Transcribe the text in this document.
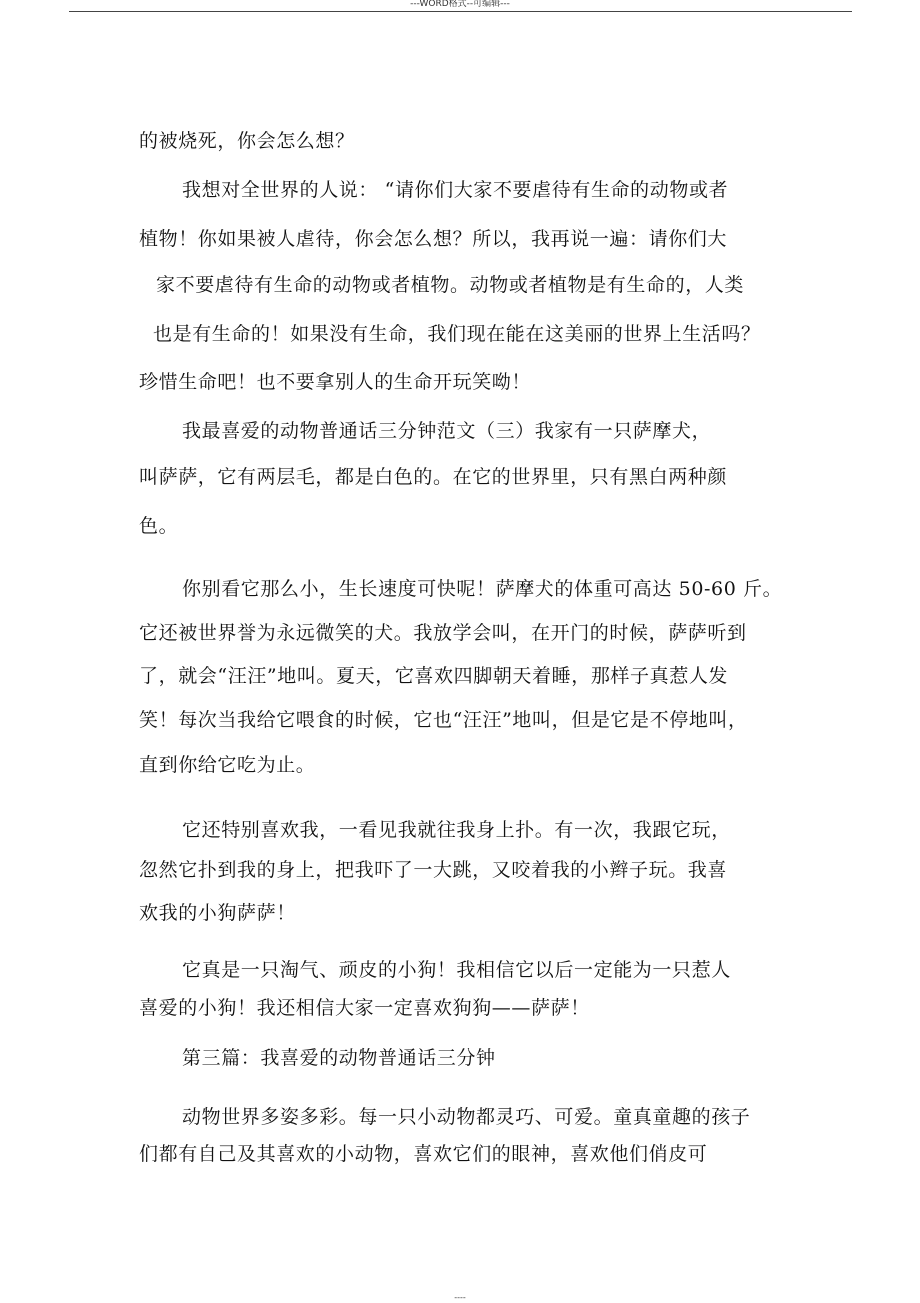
---WORD格式--可编辑---
的被烧死，你会怎么想？
我想对全世界的人说： “请你们大家不要虐待有生命的动物或者
植物！你如果被人虐待，你会怎么想？所以，我再说一遍：请你们大
家不要虐待有生命的动物或者植物。动物或者植物是有生命的，人类
也是有生命的！如果没有生命，我们现在能在这美丽的世界上生活吗？
珍惜生命吧！也不要拿别人的生命开玩笑呦！
我最喜爱的动物普通话三分钟范文（三）我家有一只萨摩犬，
叫萨萨，它有两层毛，都是白色的。在它的世界里，只有黑白两种颜
色。
你别看它那么小，生长速度可快呢！萨摩犬的体重可高达 50-60 斤。
它还被世界誉为永远微笑的犬。我放学会叫，在开门的时候，萨萨听到
了，就会“汪汪”地叫。夏天，它喜欢四脚朝天着睡，那样子真惹人发
笑！每次当我给它喂食的时候，它也“汪汪”地叫，但是它是不停地叫，
直到你给它吃为止。
它还特别喜欢我，一看见我就往我身上扑。有一次，我跟它玩，
忽然它扑到我的身上，把我吓了一大跳，又咬着我的小辫子玩。我喜
欢我的小狗萨萨！
它真是一只淘气、顽皮的小狗！我相信它以后一定能为一只惹人
喜爱的小狗！我还相信大家一定喜欢狗狗——萨萨！
第三篇：我喜爱的动物普通话三分钟
动物世界多姿多彩。每一只小动物都灵巧、可爱。童真童趣的孩子
们都有自己及其喜欢的小动物，喜欢它们的眼神，喜欢他们俏皮可
----
